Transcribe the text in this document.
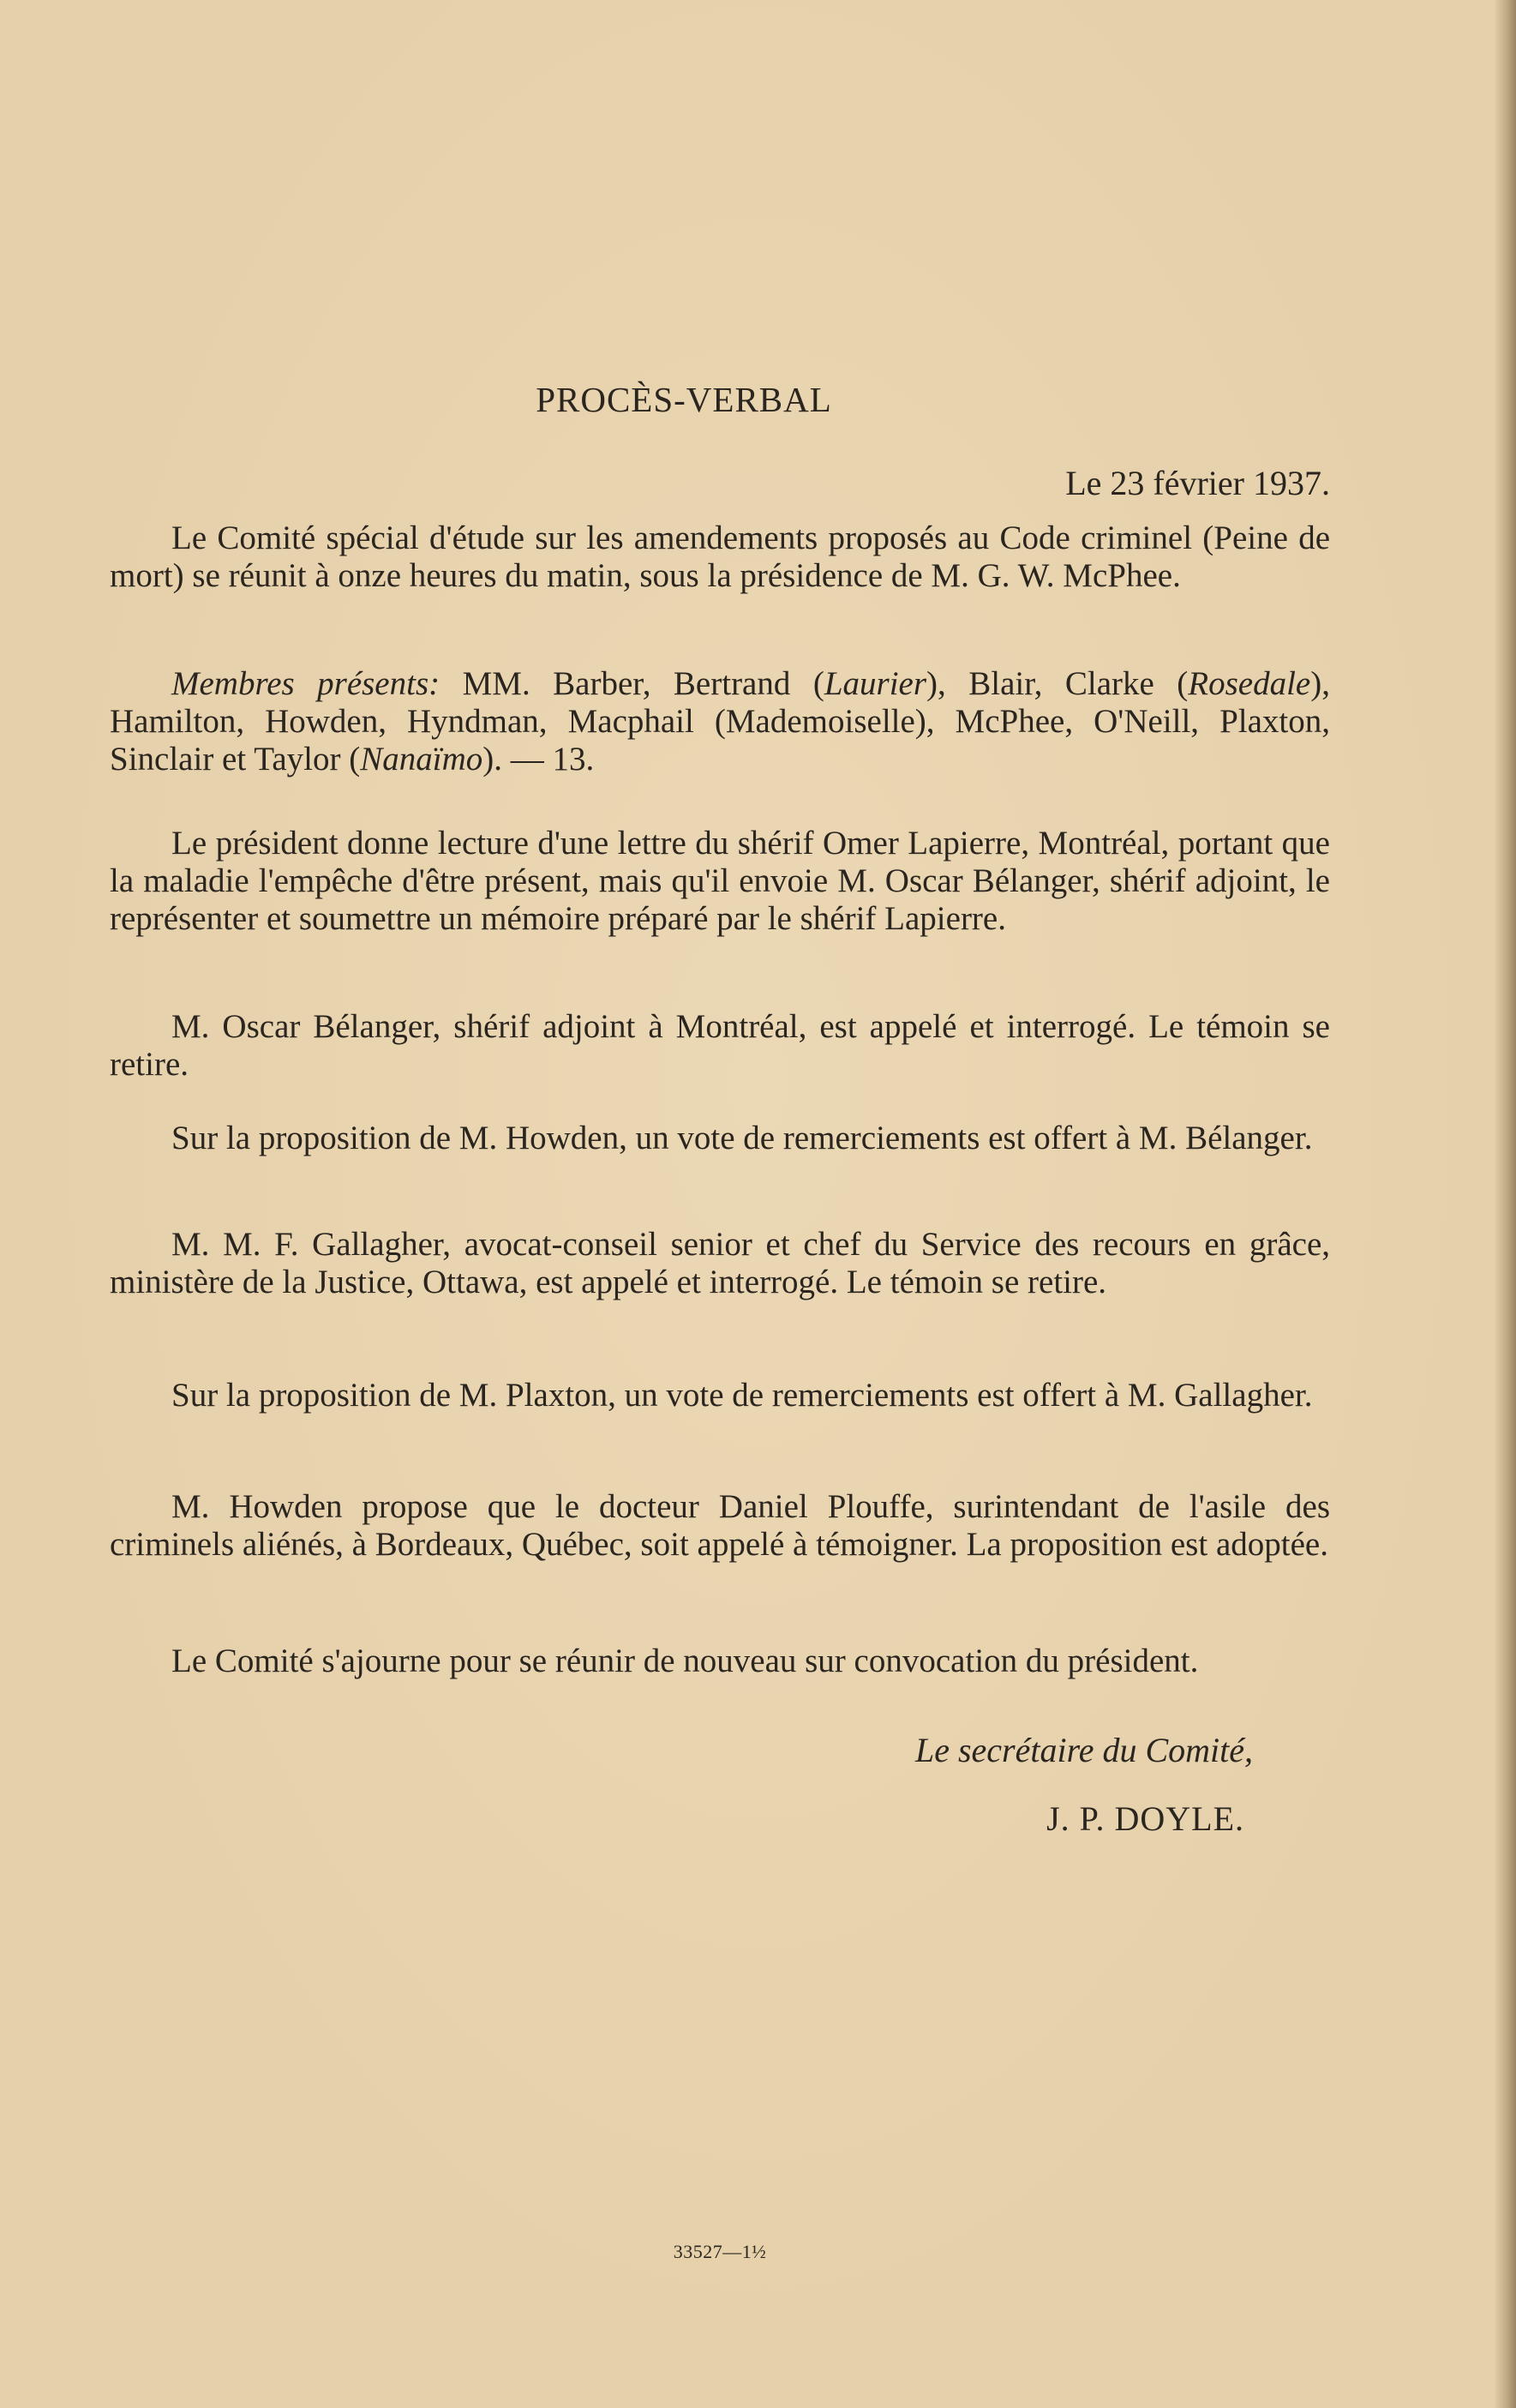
PROCÈS-VERBAL
Le 23 février 1937.

Le Comité spécial d'étude sur les amendements proposés au Code criminel (Peine de mort) se réunit à onze heures du matin, sous la présidence de M. G. W. McPhee.

Membres présents: MM. Barber, Bertrand (Laurier), Blair, Clarke (Rosedale), Hamilton, Howden, Hyndman, Macphail (Mademoiselle), McPhee, O'Neill, Plaxton, Sinclair et Taylor (Nanaïmo). — 13.

Le président donne lecture d'une lettre du shérif Omer Lapierre, Montréal, portant que la maladie l'empêche d'être présent, mais qu'il envoie M. Oscar Bélanger, shérif adjoint, le représenter et soumettre un mémoire préparé par le shérif Lapierre.

M. Oscar Bélanger, shérif adjoint à Montréal, est appelé et interrogé. Le témoin se retire.

Sur la proposition de M. Howden, un vote de remerciements est offert à M. Bélanger.

M. M. F. Gallagher, avocat-conseil senior et chef du Service des recours en grâce, ministère de la Justice, Ottawa, est appelé et interrogé. Le témoin se retire.

Sur la proposition de M. Plaxton, un vote de remerciements est offert à M. Gallagher.

M. Howden propose que le docteur Daniel Plouffe, surintendant de l'asile des criminels aliénés, à Bordeaux, Québec, soit appelé à témoigner. La proposition est adoptée.

Le Comité s'ajourne pour se réunir de nouveau sur convocation du président.

Le secrétaire du Comité,
J. P. DOYLE.
33527—1½
